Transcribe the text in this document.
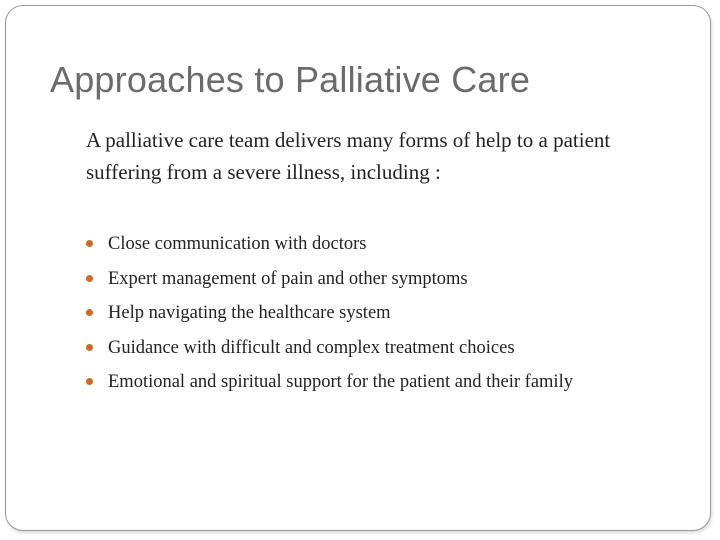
Approaches to Palliative Care

A palliative care team delivers many forms of help to a patient suffering from a severe illness, including :

Close communication with doctors
Expert management of pain and other symptoms
Help navigating the healthcare system
Guidance with difficult and complex treatment choices
Emotional and spiritual support for the patient and their family
